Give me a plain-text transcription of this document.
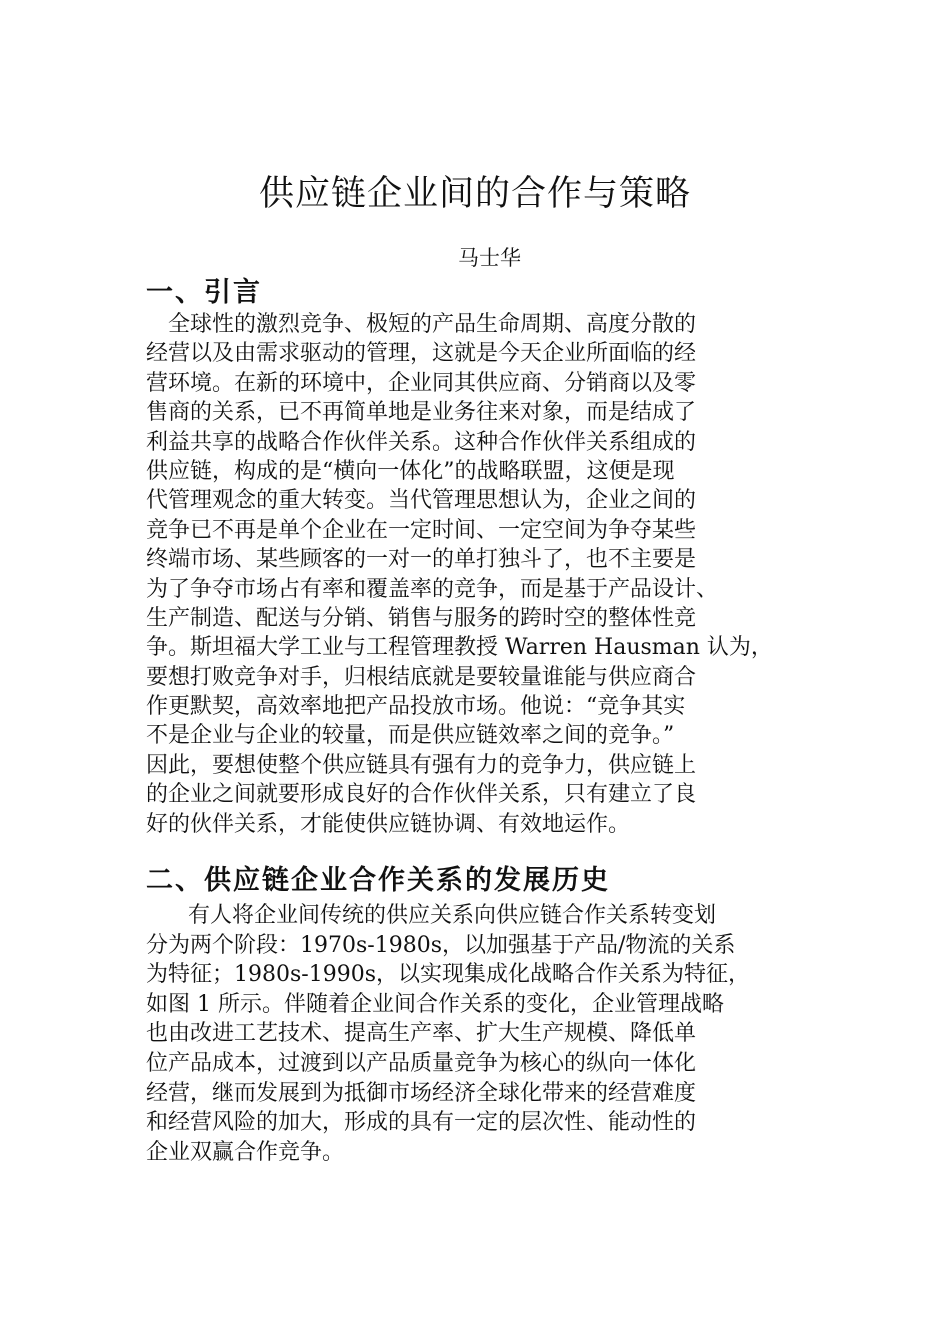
供应链企业间的合作与策略
马士华
一、引言
　全球性的激烈竞争、极短的产品生命周期、高度分散的
经营以及由需求驱动的管理，这就是今天企业所面临的经
营环境。在新的环境中，企业同其供应商、分销商以及零
售商的关系，已不再简单地是业务往来对象，而是结成了
利益共享的战略合作伙伴关系。这种合作伙伴关系组成的
供应链，构成的是“横向一体化”的战略联盟，这便是现
代管理观念的重大转变。当代管理思想认为，企业之间的
竞争已不再是单个企业在一定时间、一定空间为争夺某些
终端市场、某些顾客的一对一的单打独斗了，也不主要是
为了争夺市场占有率和覆盖率的竞争，而是基于产品设计、
生产制造、配送与分销、销售与服务的跨时空的整体性竞
争。斯坦福大学工业与工程管理教授 Warren Hausman 认为，
要想打败竞争对手，归根结底就是要较量谁能与供应商合
作更默契，高效率地把产品投放市场。他说：“竞争其实
不是企业与企业的较量，而是供应链效率之间的竞争。”
因此，要想使整个供应链具有强有力的竞争力，供应链上
的企业之间就要形成良好的合作伙伴关系，只有建立了良
好的伙伴关系，才能使供应链协调、有效地运作。
二、供应链企业合作关系的发展历史
有人将企业间传统的供应关系向供应链合作关系转变划
分为两个阶段：1970s-1980s，以加强基于产品/物流的关系
为特征；1980s-1990s，以实现集成化战略合作关系为特征，
如图 1 所示。伴随着企业间合作关系的变化，企业管理战略
也由改进工艺技术、提高生产率、扩大生产规模、降低单
位产品成本，过渡到以产品质量竞争为核心的纵向一体化
经营，继而发展到为抵御市场经济全球化带来的经营难度
和经营风险的加大，形成的具有一定的层次性、能动性的
企业双赢合作竞争。
